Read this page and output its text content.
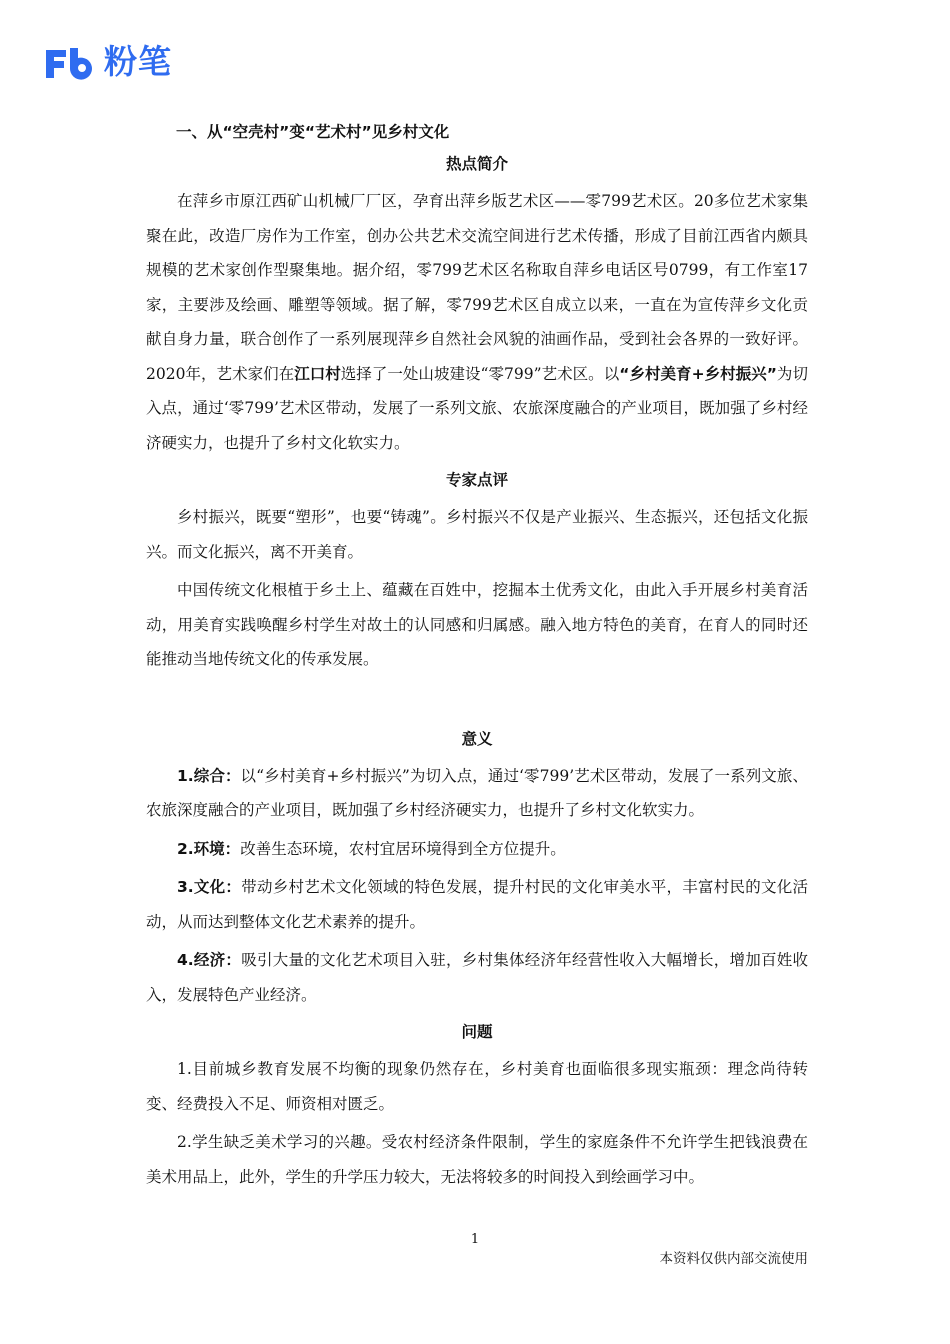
粉笔
一、从“空壳村”变“艺术村”见乡村文化
热点简介

在萍乡市原江西矿山机械厂厂区，孕育出萍乡版艺术区——零799艺术区。20多位艺术家集聚在此，改造厂房作为工作室，创办公共艺术交流空间进行艺术传播，形成了目前江西省内颇具规模的艺术家创作型聚集地。据介绍，零799艺术区名称取自萍乡电话区号0799，有工作室17家，主要涉及绘画、雕塑等领域。据了解，零799艺术区自成立以来，一直在为宣传萍乡文化贡献自身力量，联合创作了一系列展现萍乡自然社会风貌的油画作品，受到社会各界的一致好评。2020年，艺术家们在江口村选择了一处山坡建设“零799”艺术区。以“乡村美育+乡村振兴”为切入点，通过‘零799’艺术区带动，发展了一系列文旅、农旅深度融合的产业项目，既加强了乡村经济硬实力，也提升了乡村文化软实力。

专家点评

乡村振兴，既要“塑形”，也要“铸魂”。乡村振兴不仅是产业振兴、生态振兴，还包括文化振兴。而文化振兴，离不开美育。

中国传统文化根植于乡土上、蕴藏在百姓中，挖掘本土优秀文化，由此入手开展乡村美育活动，用美育实践唤醒乡村学生对故土的认同感和归属感。融入地方特色的美育，在育人的同时还能推动当地传统文化的传承发展。

意义

1.综合：以“乡村美育+乡村振兴”为切入点，通过‘零799’艺术区带动，发展了一系列文旅、农旅深度融合的产业项目，既加强了乡村经济硬实力，也提升了乡村文化软实力。

2.环境：改善生态环境，农村宜居环境得到全方位提升。

3.文化：带动乡村艺术文化领域的特色发展，提升村民的文化审美水平，丰富村民的文化活动，从而达到整体文化艺术素养的提升。

4.经济：吸引大量的文化艺术项目入驻，乡村集体经济年经营性收入大幅增长，增加百姓收入，发展特色产业经济。

问题

1.目前城乡教育发展不均衡的现象仍然存在，乡村美育也面临很多现实瓶颈：理念尚待转变、经费投入不足、师资相对匮乏。

2.学生缺乏美术学习的兴趣。受农村经济条件限制，学生的家庭条件不允许学生把钱浪费在美术用品上，此外，学生的升学压力较大，无法将较多的时间投入到绘画学习中。

1
本资料仅供内部交流使用
